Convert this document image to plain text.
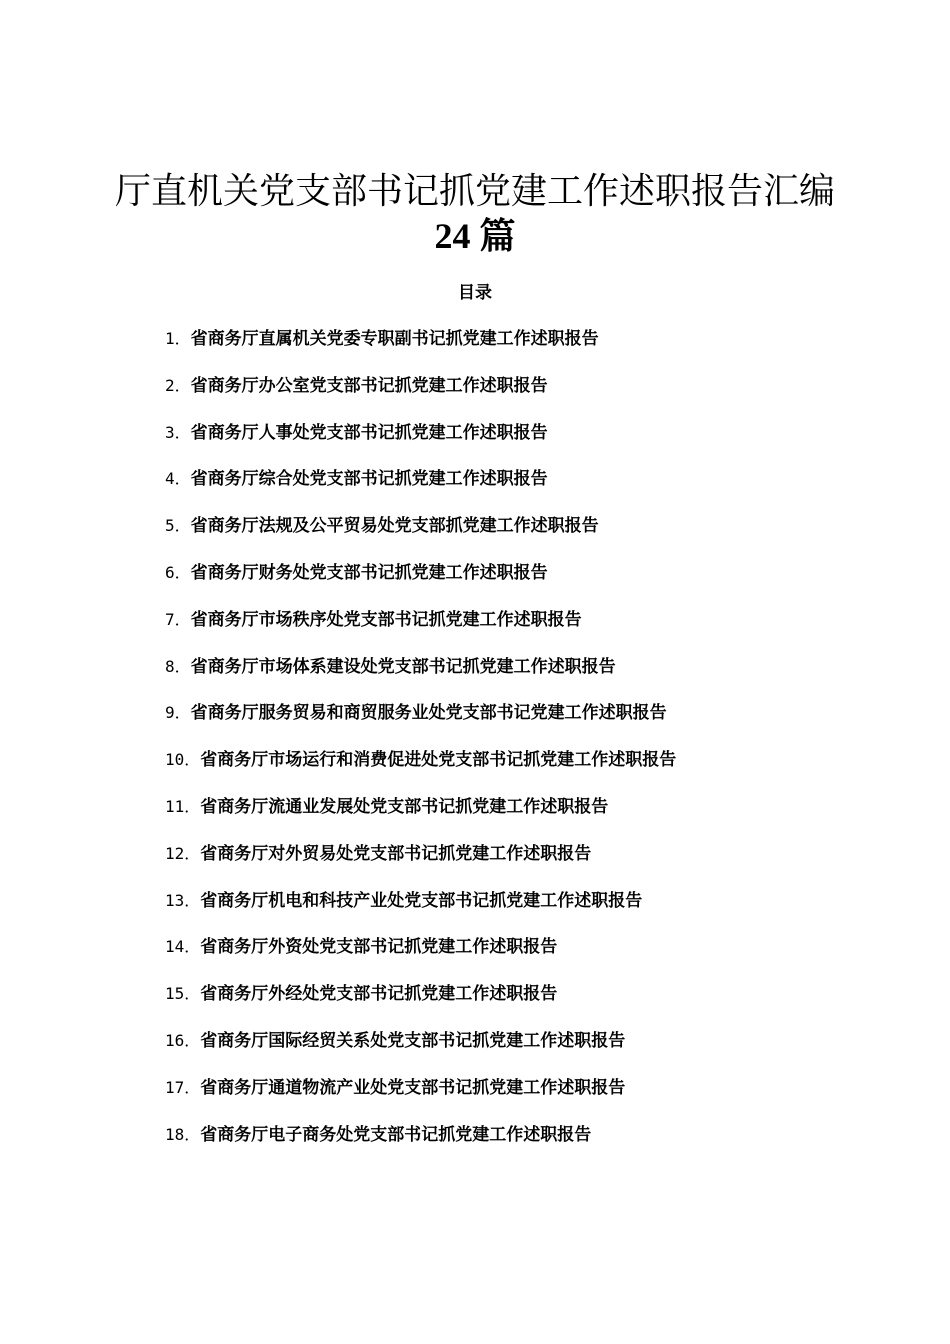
厅直机关党支部书记抓党建工作述职报告汇编
24 篇
目录
1．省商务厅直属机关党委专职副书记抓党建工作述职报告
2．省商务厅办公室党支部书记抓党建工作述职报告
3．省商务厅人事处党支部书记抓党建工作述职报告
4．省商务厅综合处党支部书记抓党建工作述职报告
5．省商务厅法规及公平贸易处党支部抓党建工作述职报告
6．省商务厅财务处党支部书记抓党建工作述职报告
7．省商务厅市场秩序处党支部书记抓党建工作述职报告
8．省商务厅市场体系建设处党支部书记抓党建工作述职报告
9．省商务厅服务贸易和商贸服务业处党支部书记党建工作述职报告
10．省商务厅市场运行和消费促进处党支部书记抓党建工作述职报告
11．省商务厅流通业发展处党支部书记抓党建工作述职报告
12．省商务厅对外贸易处党支部书记抓党建工作述职报告
13．省商务厅机电和科技产业处党支部书记抓党建工作述职报告
14．省商务厅外资处党支部书记抓党建工作述职报告
15．省商务厅外经处党支部书记抓党建工作述职报告
16．省商务厅国际经贸关系处党支部书记抓党建工作述职报告
17．省商务厅通道物流产业处党支部书记抓党建工作述职报告
18．省商务厅电子商务处党支部书记抓党建工作述职报告
